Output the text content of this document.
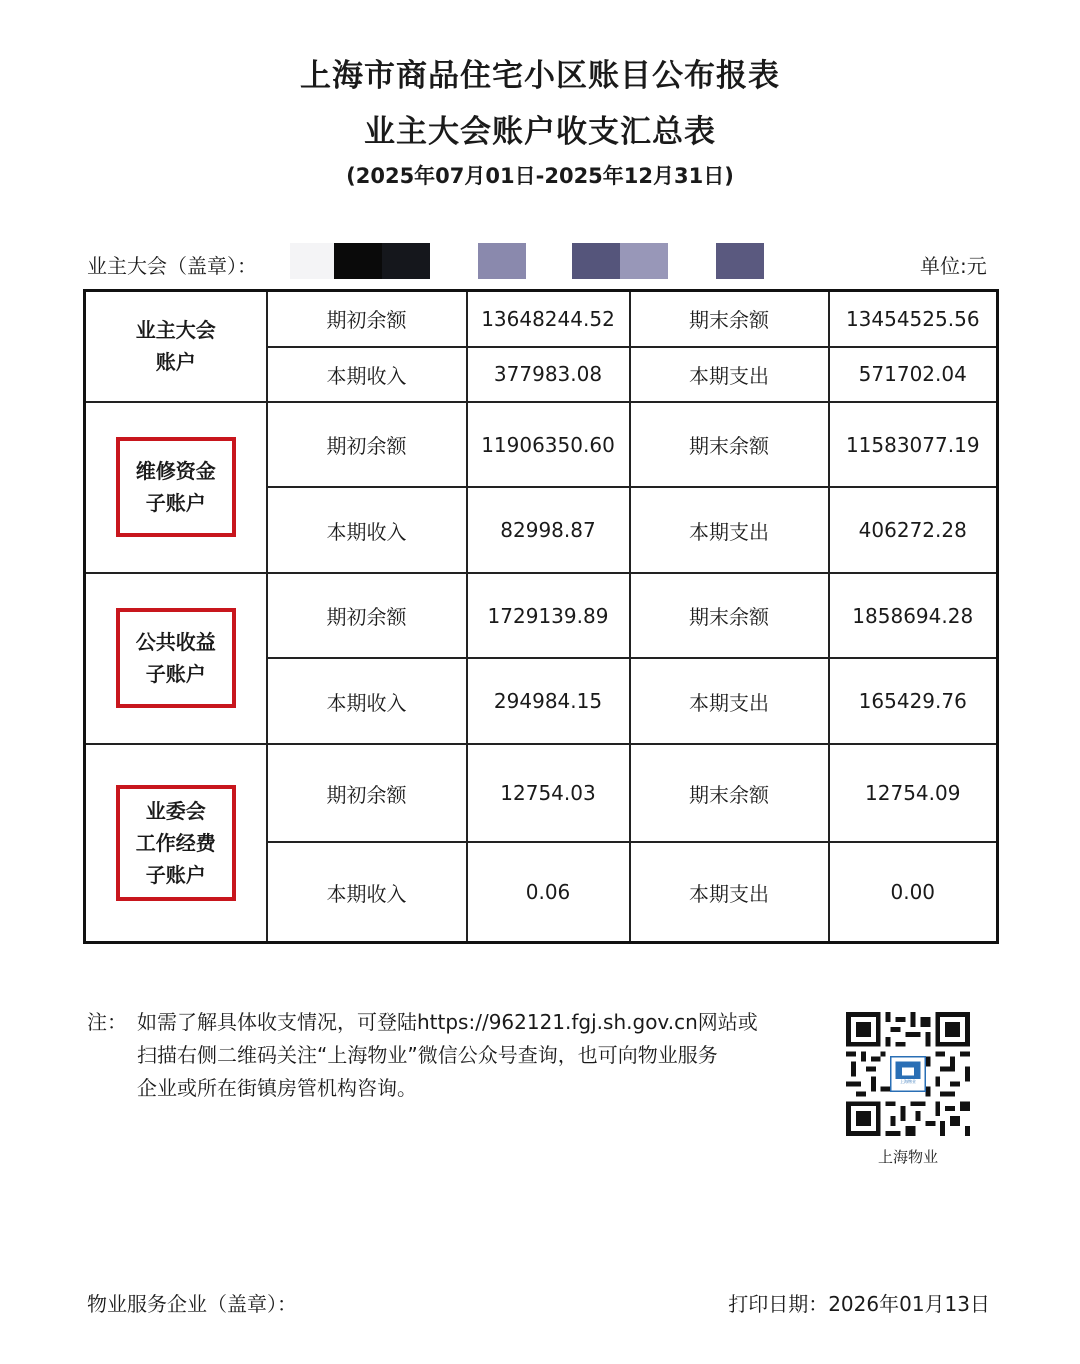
上海市商品住宅小区账目公布报表
业主大会账户收支汇总表
(2025年07月01日-2025年12月31日)
业主大会（盖章）：	单位:元
业主大会
账户	期初余额	13648244.52	期末余额	13454525.56
	本期收入	377983.08	本期支出	571702.04

维修资金
子账户	期初余额	11906350.60	期末余额	11583077.19
	本期收入	82998.87	本期支出	406272.28

公共收益
子账户	期初余额	1729139.89	期末余额	1858694.28
	本期收入	294984.15	本期支出	165429.76

业委会
工作经费
子账户	期初余额	12754.03	期末余额	12754.09
	本期收入	0.06	本期支出	0.00
注： 如需了解具体收支情况，可登陆https://962121.fgj.sh.gov.cn网站或
扫描右侧二维码关注“上海物业”微信公众号查询，也可向物业服务
企业或所在街镇房管机构咨询。	上海物业
上海物业
物业服务企业（盖章）：	打印日期：2026年01月13日
